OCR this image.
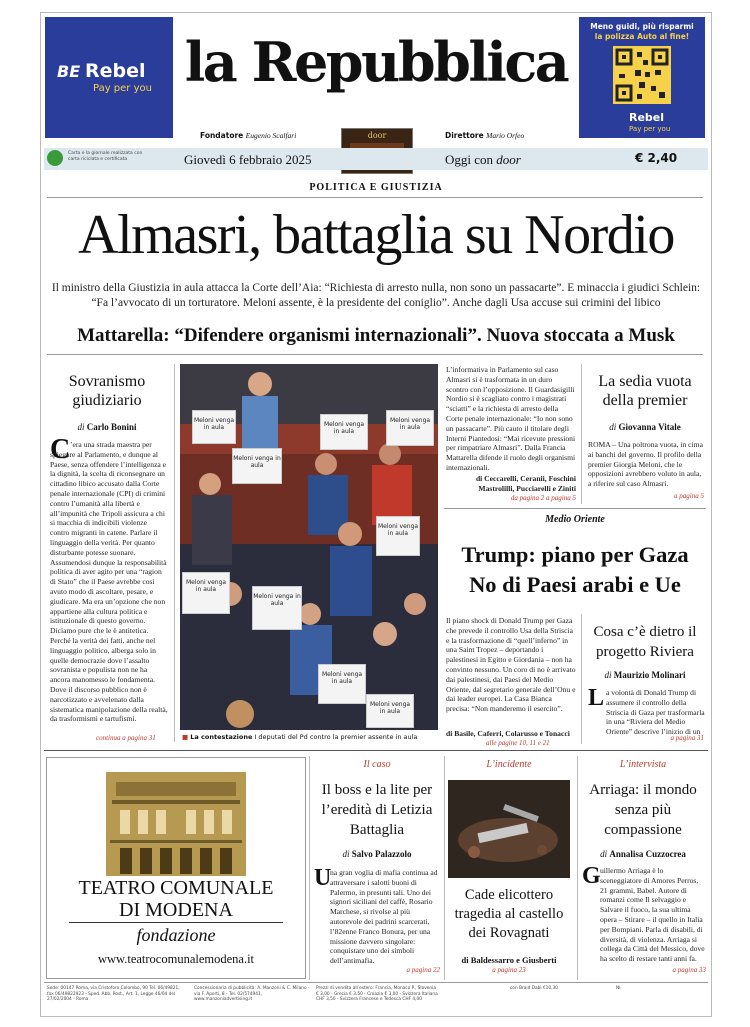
BE Rebel
Pay per you
Meno guidi, più risparmi
la polizza Auto al fine!
Rebel
Pay per you
la Repubblica
Fondatore Eugenio Scalfari	Direttore Mario Orfeo
door
Carta e la giornale realizzata con carta riciclata e certificata	Giovedì 6 febbraio 2025	Oggi con door	€ 2,40
POLITICA E GIUSTIZIA
Almasri, battaglia su Nordio
Il ministro della Giustizia in aula attacca la Corte dell’Aia: “Richiesta di arresto nulla, non sono un passacarte”. E minaccia i giudici Schlein: “Fa l’avvocato di un torturatore. Meloni assente, è la presidente del coniglio”. Anche dagli Usa accuse sui crimini del libico
Mattarella: “Difendere organismi internazionali”. Nuova stoccata a Musk
Sovranismo giudiziario
di Carlo Bonini
C ’era una strada maestra per spiegare al Parlamento, e dunque al Paese, senza offendere l’intelligenza e la dignità, la scelta di riconsegnare un cittadino libico accusato dalla Corte penale internazionale (CPI) di crimini contro l’umanità alla libertà e all’impunità che Tripoli assicura a chi si macchia di indicibili violenze contro migranti in catene. Parlare il linguaggio della verità. Per quanto disturbante potesse suonare. Assumendosi dunque la responsabilità politica di aver agito per una “ragion di Stato” che il Paese avrebbe così avuto modo di ascoltare, pesare, e giudicare. Ma era un’opzione che non appartiene alla cultura politica e istituzionale di questo governo. Diciamo pure che le è antitetica. Perché la verità dei fatti, anche nel linguaggio politico, alberga solo in quelle democrazie dove l’assalto sovranista e populista non ne ha ancora manomesso le fondamenta. Dove il discorso pubblico non è narcotizzato e avvelenato dalla sistematica manipolazione della realtà, da trasformismi e tartufismi.
continua a pagina 31
Meloni venga in aula
Meloni venga in aula
Meloni venga in aula
Meloni venga in aula
Meloni venga in aula
Meloni venga in aula
Meloni venga in aula
Meloni venga in aula
Meloni venga in aula
■ La contestazione I deputati del Pd contro la premier assente in aula
L’informativa in Parlamento sul caso Almasri si è trasformata in un duro scontro con l’opposizione. Il Guardasigilli Nordio si è scagliato contro i magistrati “sciatti” e la richiesta di arresto della Corte penale internazionale: “Io non sono un passacarte”. Più cauto il titolare degli Interni Piantedosi: “Mai ricevute pressioni per rimpatriare Almasri”. Dalla Francia Mattarella difende il ruolo degli organismi internazionali.
di Ceccarelli, Ceranii, Foschini Mastrolilli, Pucciarelli e Ziniti
da pagina 2 a pagina 5
La sedia vuota della premier
di Giovanna Vitale
ROMA – Una poltrona vuota, in cima ai banchi del governo. Il profilo della premier Giorgia Meloni, che le opposizioni avrebbero voluto in aula, a riferire sul caso Almasri.
a pagina 5
Medio Oriente
Trump: piano per Gaza
No di Paesi arabi e Ue
Il piano shock di Donald Trump per Gaza che prevede il controllo Usa della Striscia e la trasformazione di “quell’inferno” in una Saint Tropez – deportando i palestinesi in Egitto e Giordania – non ha convinto nessuno. Un coro di no è arrivato dai palestinesi, dai Paesi del Medio Oriente, dal segretario generale dell’Onu e dai leader europei. La Casa Bianca precisa: “Non manderemo il esercito”.
di Basile, Caferri, Colarusso e Tonacci
alle pagine 10, 11 e 21
Cosa c’è dietro il progetto Riviera
di Maurizio Molinari
L a volontà di Donald Trump di assumere il controllo della Striscia di Gaza per trasformarla in una “Riviera del Medio Oriente” descrive l’inizio di un
a pagina 31
TEATRO COMUNALE
DI MODENA
fondazione
www.teatrocomunalemodena.it
Il caso
Il boss e la lite per l’eredità di Letizia Battaglia
di Salvo Palazzolo
U
na gran voglia di mafia continua ad attraversare i salotti buoni di Palermo, in presunti tali. Uno dei signori siciliani del caffè, Rosario Marchese, si rivolse al più autorevole dei padrini scarcerati, l’82enne Franco Bonura, per una missione davvero singolare: conquistare uno dei simboli dell’antimafia.
a pagina 22
L’incidente
Cade elicottero tragedia al castello dei Rovagnati
di Baldessarro e Giusberti
a pagina 23
L’intervista
Arriaga: il mondo senza più compassione
di Annalisa Cuzzocrea
G uillermo Arriaga è lo sceneggiatore di Amores Perros, 21 grammi, Babel. Autore di romanzi come Il selvaggio e Salvare il fuoco, la sua ultima opera – Stirare – il quello in Italia per Bompiani. Parla di disabili, di diversità, di violenza. Arriaga si collega da Città del Messico, dove ha scelto di restare tanti anni fa.
a pagina 33
Sede: 00147 Roma, via Cristoforo Colombo, 90 Tel. 06/49821, fax 06/49822923 - Sped. Abb. Post., Art. 1, Legge 46/04 del 27/02/2004 - Roma
Concessionaria di pubblicità: A. Manzoni & C. Milano - via F. Aporti, 8 - Tel. 02/574941, www.manzoniadvertising.it
Prezzi di vendita all’estero: Francia, Monaco P., Slovenia € 3,00 - Grecia € 3,50 - Croazia € 3,00 - Svizzera Italiana CHF 3,50 - Svizzera Francese e Tedesca CHF 4,00
con Braid Dabì €10,30	NI
